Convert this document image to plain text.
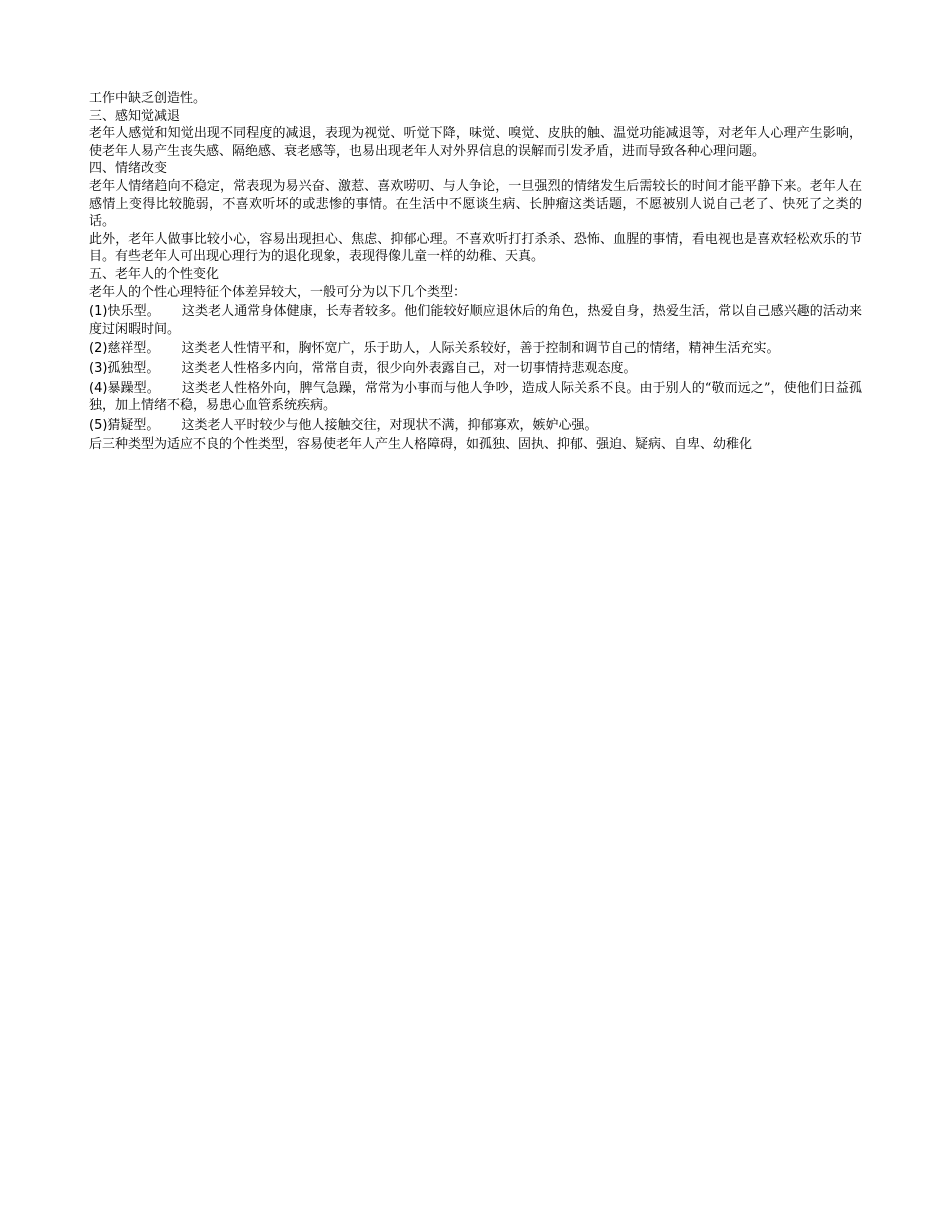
工作中缺乏创造性。

三、感知觉减退

老年人感觉和知觉出现不同程度的减退，表现为视觉、听觉下降，味觉、嗅觉、皮肤的触、温觉功能减退等，对老年人心理产生影响，使老年人易产生丧失感、隔绝感、衰老感等，也易出现老年人对外界信息的误解而引发矛盾，进而导致各种心理问题。

四、情绪改变

老年人情绪趋向不稳定，常表现为易兴奋、激惹、喜欢唠叨、与人争论，一旦强烈的情绪发生后需较长的时间才能平静下来。老年人在感情上变得比较脆弱，不喜欢听坏的或悲惨的事情。在生活中不愿谈生病、长肿瘤这类话题，不愿被别人说自己老了、快死了之类的话。

此外，老年人做事比较小心，容易出现担心、焦虑、抑郁心理。不喜欢听打打杀杀、恐怖、血腥的事情，看电视也是喜欢轻松欢乐的节目。有些老年人可出现心理行为的退化现象，表现得像儿童一样的幼稚、天真。

五、老年人的个性变化

老年人的个性心理特征个体差异较大，一般可分为以下几个类型：

(1)快乐型。 这类老人通常身体健康，长寿者较多。他们能较好顺应退休后的角色，热爱自身，热爱生活，常以自己感兴趣的活动来度过闲暇时间。

(2)慈祥型。 这类老人性情平和，胸怀宽广，乐于助人，人际关系较好，善于控制和调节自己的情绪，精神生活充实。

(3)孤独型。 这类老人性格多内向，常常自责，很少向外表露自己，对一切事情持悲观态度。

(4)暴躁型。 这类老人性格外向，脾气急躁，常常为小事而与他人争吵，造成人际关系不良。由于别人的“敬而远之”，使他们日益孤独，加上情绪不稳，易患心血管系统疾病。

(5)猜疑型。 这类老人平时较少与他人接触交往，对现状不满，抑郁寡欢，嫉妒心强。

后三种类型为适应不良的个性类型，容易使老年人产生人格障碍，如孤独、固执、抑郁、强迫、疑病、自卑、幼稚化
